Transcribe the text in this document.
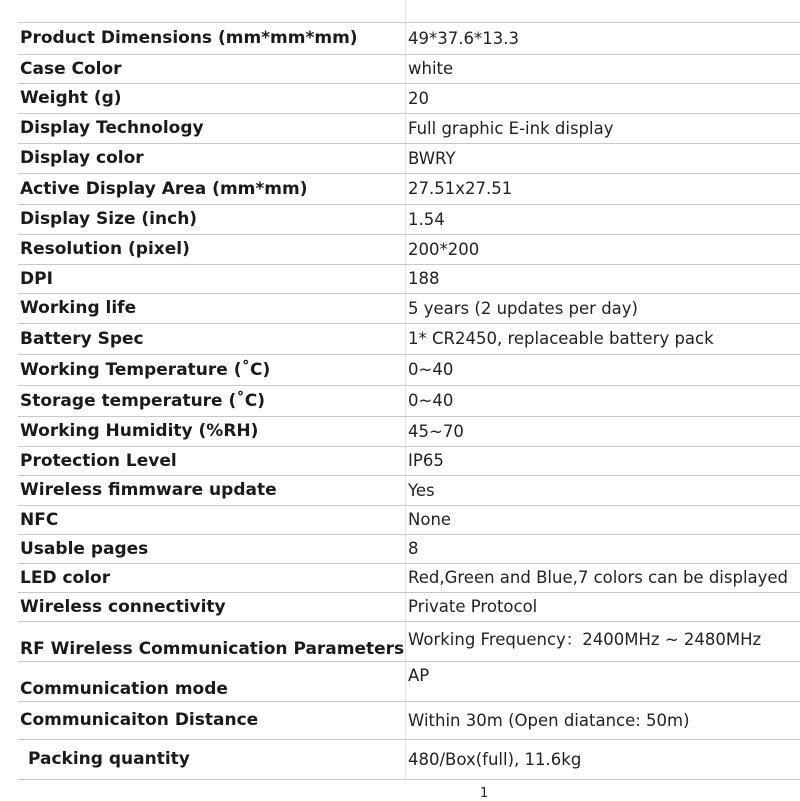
Product Dimensions (mm*mm*mm)	49*37.6*13.3
Case Color	white
Weight (g)	20
Display Technology	Full graphic E-ink display
Display color	BWRY
Active Display Area (mm*mm)	27.51x27.51
Display Size (inch)	1.54
Resolution (pixel)	200*200
DPI	188
Working life	5 years (2 updates per day)
Battery Spec	1* CR2450, replaceable battery pack
Working Temperature (˚C)	0~40
Storage temperature (˚C)	0~40
Working Humidity (%RH)	45~70
Protection Level	IP65
Wireless fimmware update	Yes
NFC	None
Usable pages	8
LED color	Red,Green and Blue,7 colors can be displayed
Wireless connectivity	Private Protocol
RF Wireless Communication Parameters	Working Frequency：2400MHz ~ 2480MHz
Communication mode	AP
Communicaiton Distance	Within 30m (Open diatance: 50m)
Packing quantity	480/Box(full), 11.6kg
1
